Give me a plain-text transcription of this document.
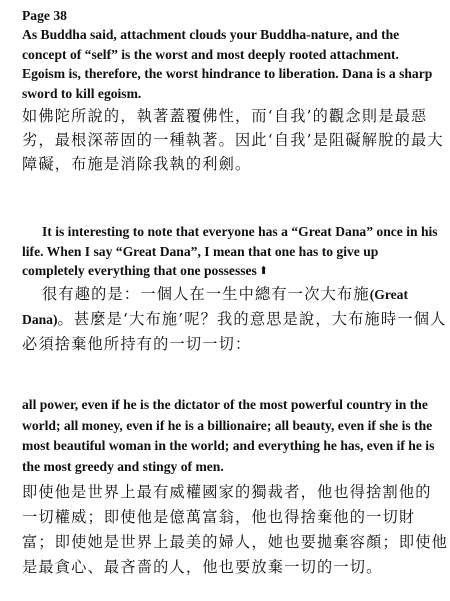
Page 38

As Buddha said, attachment clouds your Buddha-nature, and the

concept of “self” is the worst and most deeply rooted attachment.

Egoism is, therefore, the worst hindrance to liberation. Dana is a sharp

sword to kill egoism.

如佛陀所說的，執著蓋覆佛性，而‘自我’的觀念則是最惡

劣，最根深蒂固的一種執著。因此‘自我’是阻礙解脫的最大

障礙，布施是消除我執的利劍。

It is interesting to note that everyone has a “Great Dana” once in his

life. When I say “Great Dana”, I mean that one has to give up

completely everything that one possesses ⬆

很有趣的是：一個人在一生中總有一次大布施(Great

Dana)。甚麼是‘大布施’呢？我的意思是說，大布施時一個人

必須捨棄他所持有的一切一切：

all power, even if he is the dictator of the most powerful country in the

world; all money, even if he is a billionaire; all beauty, even if she is the

most beautiful woman in the world; and everything he has, even if he is

the most greedy and stingy of men.

即使他是世界上最有威權國家的獨裁者，他也得捨割他的

一切權威；即使他是億萬富翁，他也得捨棄他的一切財

富；即使她是世界上最美的婦人，她也要拋棄容顏；即使他

是最貪心、最吝嗇的人，他也要放棄一切的一切。
